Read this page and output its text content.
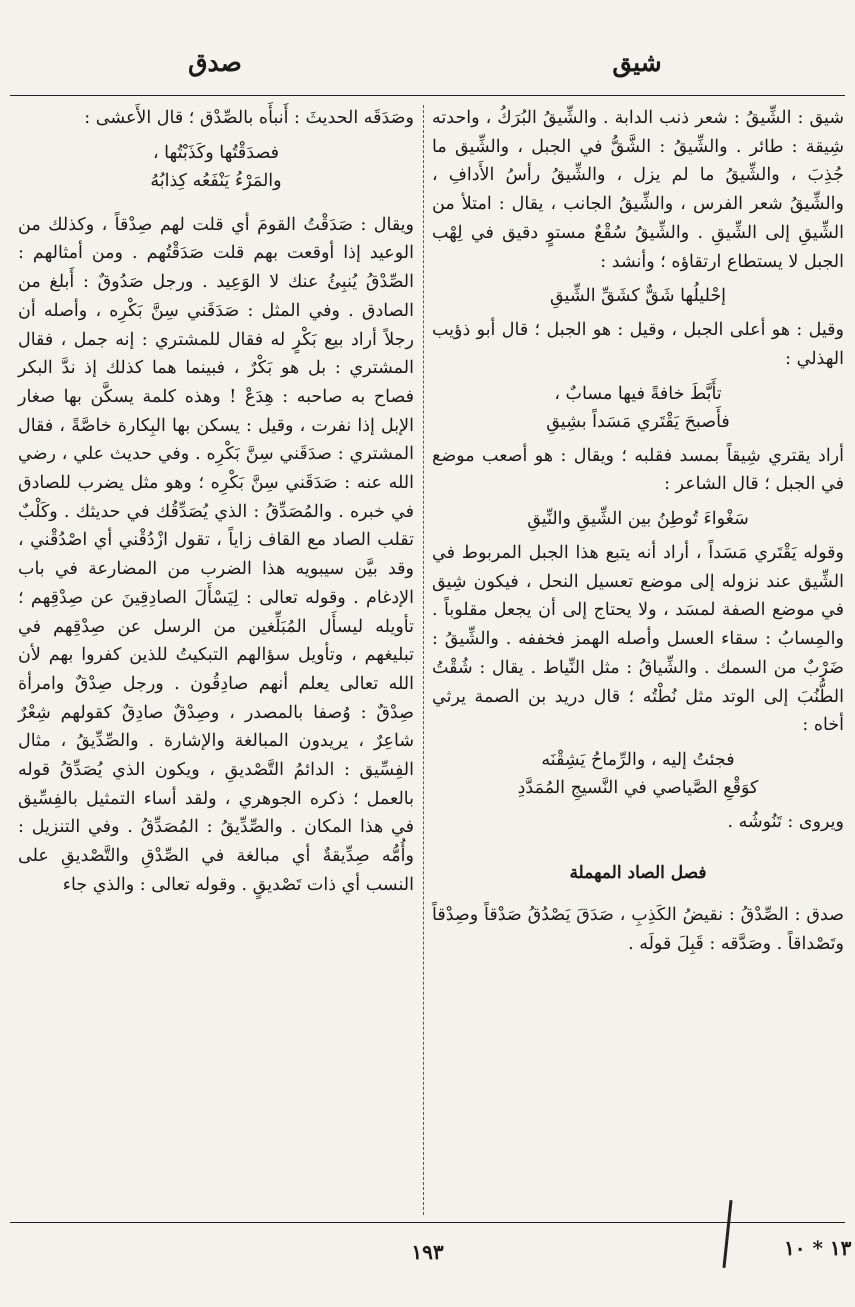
شيق
صدق

شيق : الشِّيقُ : شعر ذنب الدابة . والشِّيقُ البُرَكُ ، واحدته شِيقة : طائر . والشِّيقُ : الشَّقُّ في الجبل ، والشِّيق ما جُذِبَ ، والشِّيقُ ما لم يزل ، والشِّيقُ رأسُ الأَدافِ ، والشِّيقُ شعر الفرس ، والشِّيقُ الجانب ، يقال : امتلأ من الشِّيقِ إلى الشِّيقِ . والشِّيقُ سُقْعٌ مستوٍ دقيق في لِهْب الجبل لا يستطاع ارتقاؤه ؛ وأنشد :

إحْليلُها شَقٌّ كشَقِّ الشِّيقِ

وقيل : هو أعلى الجبل ، وقيل : هو الجبل ؛ قال أبو ذؤيب الهذلي :

تأَبَّطَ خافةً فيها مسابٌ ،
فأَصبحَ يَقْتَري مَسَداً بشِيقِ

أراد يقتري شِيقاً بمسد فقلبه ؛ ويقال : هو أصعب موضع في الجبل ؛ قال الشاعر :

سَغْواءَ تُوطِنُ بين الشِّيقِ والنِّيقِ

وقوله يَقْتَري مَسَداً ، أراد أنه يتبع هذا الجبل المربوط في الشِّيق عند نزوله إلى موضع تعسيل النحل ، فيكون شِيق في موضع الصفة لمسَد ، ولا يحتاج إلى أن يجعل مقلوباً . والمِسابُ : سقاء العسل وأصله الهمز فخففه . والشِّيقُ : ضَرْبٌ من السمك . والشِّياقُ : مثل النِّياط . يقال : شُقْتُ الطُّنُبَ إلى الوتد مثل نُطْتُه ؛ قال دريد بن الصمة يرثي أخاه :

فجئتُ إليه ، والرِّماحُ يَشِقْنَه
كوَقْعِ الصَّياصي في النَّسيجِ المُمَدَّدِ

ويروى : تَنُوشُه .

فصل الصاد المهملة

صدق : الصِّدْقُ : نقيضُ الكَذِبِ ، صَدَقَ يَصْدُقُ صَدْقاً وصِدْقاً وتَصْداقاً . وصَدَّقه : قَبِلَ قولَه .

وصَدَقَه الحديثَ : أَنبأَه بالصِّدْق ؛ قال الأَعشى :

فصدَقْتُها وكَذَبْتُها ،
والمَرْءُ يَنْفَعُه كِذابُهُ

ويقال : صَدَقْتُ القومَ أي قلت لهم صِدْقاً ، وكذلك من الوعيد إذا أوقعت بهم قلت صَدَقْتُهم . ومن أمثالهم : الصِّدْقُ يُنبِئُ عنك لا الوَعِيد . ورجل صَدُوقٌ : أَبلغ من الصادق . وفي المثل : صَدَقَني سِنَّ بَكْرِه ، وأصله أن رجلاً أراد بيع بَكْرٍ له فقال للمشتري : إنه جمل ، فقال المشتري : بل هو بَكْرٌ ، فبينما هما كذلك إذ ندَّ البكر فصاح به صاحبه : هِدَعْ ! وهذه كلمة يسكَّن بها صغار الإبل إذا نفرت ، وقيل : يسكن بها البِكارة خاصَّةً ، فقال المشتري : صدَقَني سِنَّ بَكْرِه . وفي حديث علي ، رضي الله عنه : صَدَقَني سِنَّ بَكْرِه ؛ وهو مثل يضرب للصادق في خبره . والمُصَدِّقُ : الذي يُصَدِّقُك في حديثك . وكَلْبٌ تقلب الصاد مع القاف زاياً ، تقول ازْدُقْني أي اصْدُقْني ، وقد بيَّن سيبويه هذا الضرب من المضارعة في باب الإدغام . وقوله تعالى : لِيَسْأَلَ الصادِقِينَ عن صِدْقِهم ؛ تأويله ليسأَل المُبَلِّغين من الرسل عن صِدْقِهم في تبليغهم ، وتأويل سؤالهم التبكيتُ للذين كفروا بهم لأن الله تعالى يعلم أنهم صادِقُون . ورجل صِدْقٌ وامرأة صِدْقٌ : وُصفا بالمصدر ، وصِدْقٌ صادِقٌ كقولهم شِعْرٌ شاعِرٌ ، يريدون المبالغة والإشارة . والصِّدِّيقُ ، مثال الفِسِّيق : الدائمُ التَّصْديقِ ، ويكون الذي يُصَدِّقُ قوله بالعمل ؛ ذكره الجوهري ، ولقد أساء التمثيل بالفِسِّيق في هذا المكان . والصِّدِّيقُ : المُصَدِّقُ . وفي التنزيل : وأُمُّه صِدِّيقةٌ أي مبالغة في الصِّدْقِ والتَّصْديقِ على النسب أي ذات تَصْديقٍ . وقوله تعالى : والذي جاء

١٩٣	١٣ * ١٠
